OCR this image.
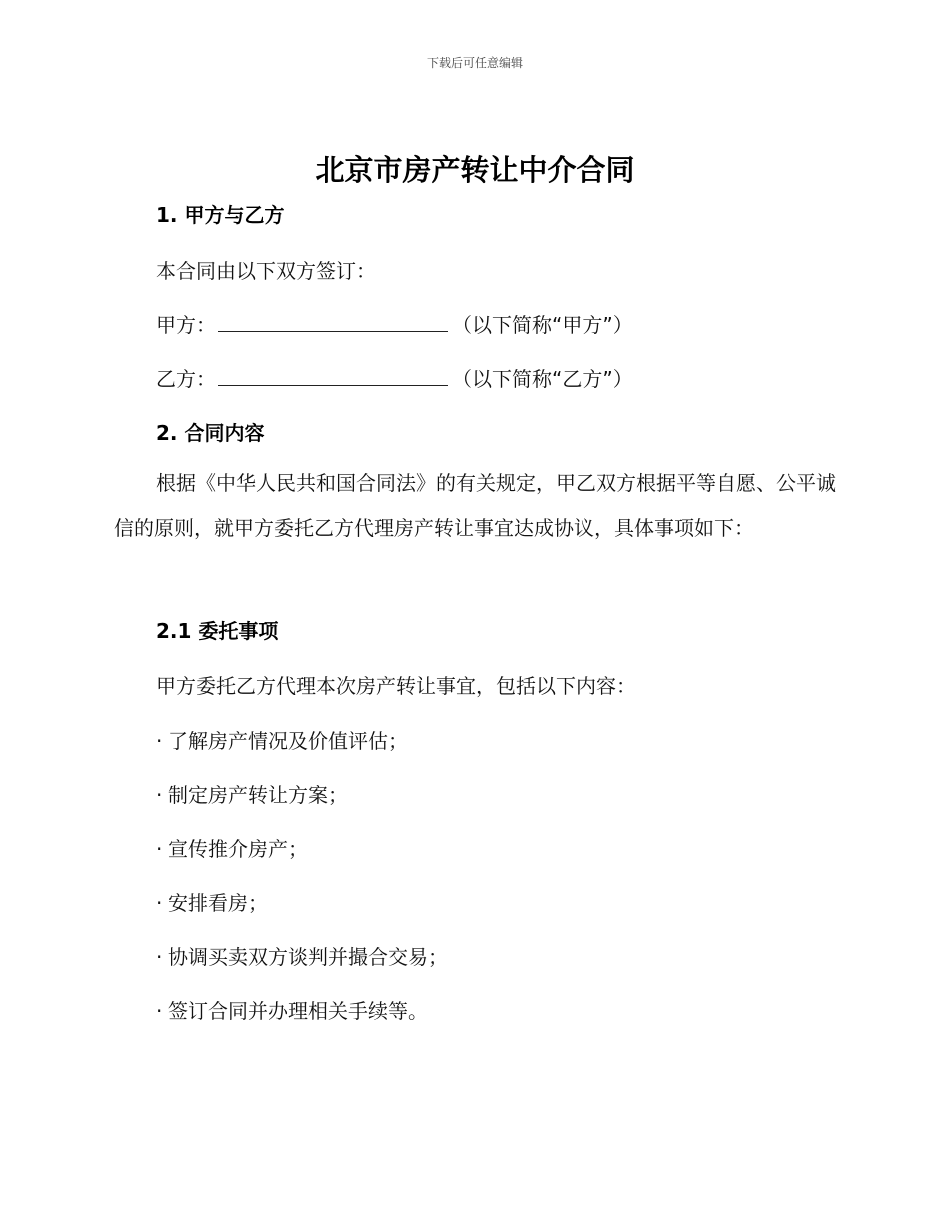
下载后可任意编辑
北京市房产转让中介合同
1. 甲方与乙方
本合同由以下双方签订：
甲方：	（以下简称“甲方”）
乙方：	（以下简称“乙方”）
2. 合同内容
根据《中华人民共和国合同法》的有关规定，甲乙双方根据平等自愿、公平诚信的原则，就甲方委托乙方代理房产转让事宜达成协议，具体事项如下：
2.1 委托事项
甲方委托乙方代理本次房产转让事宜，包括以下内容：
· 了解房产情况及价值评估；
· 制定房产转让方案；
· 宣传推介房产；
· 安排看房；
· 协调买卖双方谈判并撮合交易；
· 签订合同并办理相关手续等。
